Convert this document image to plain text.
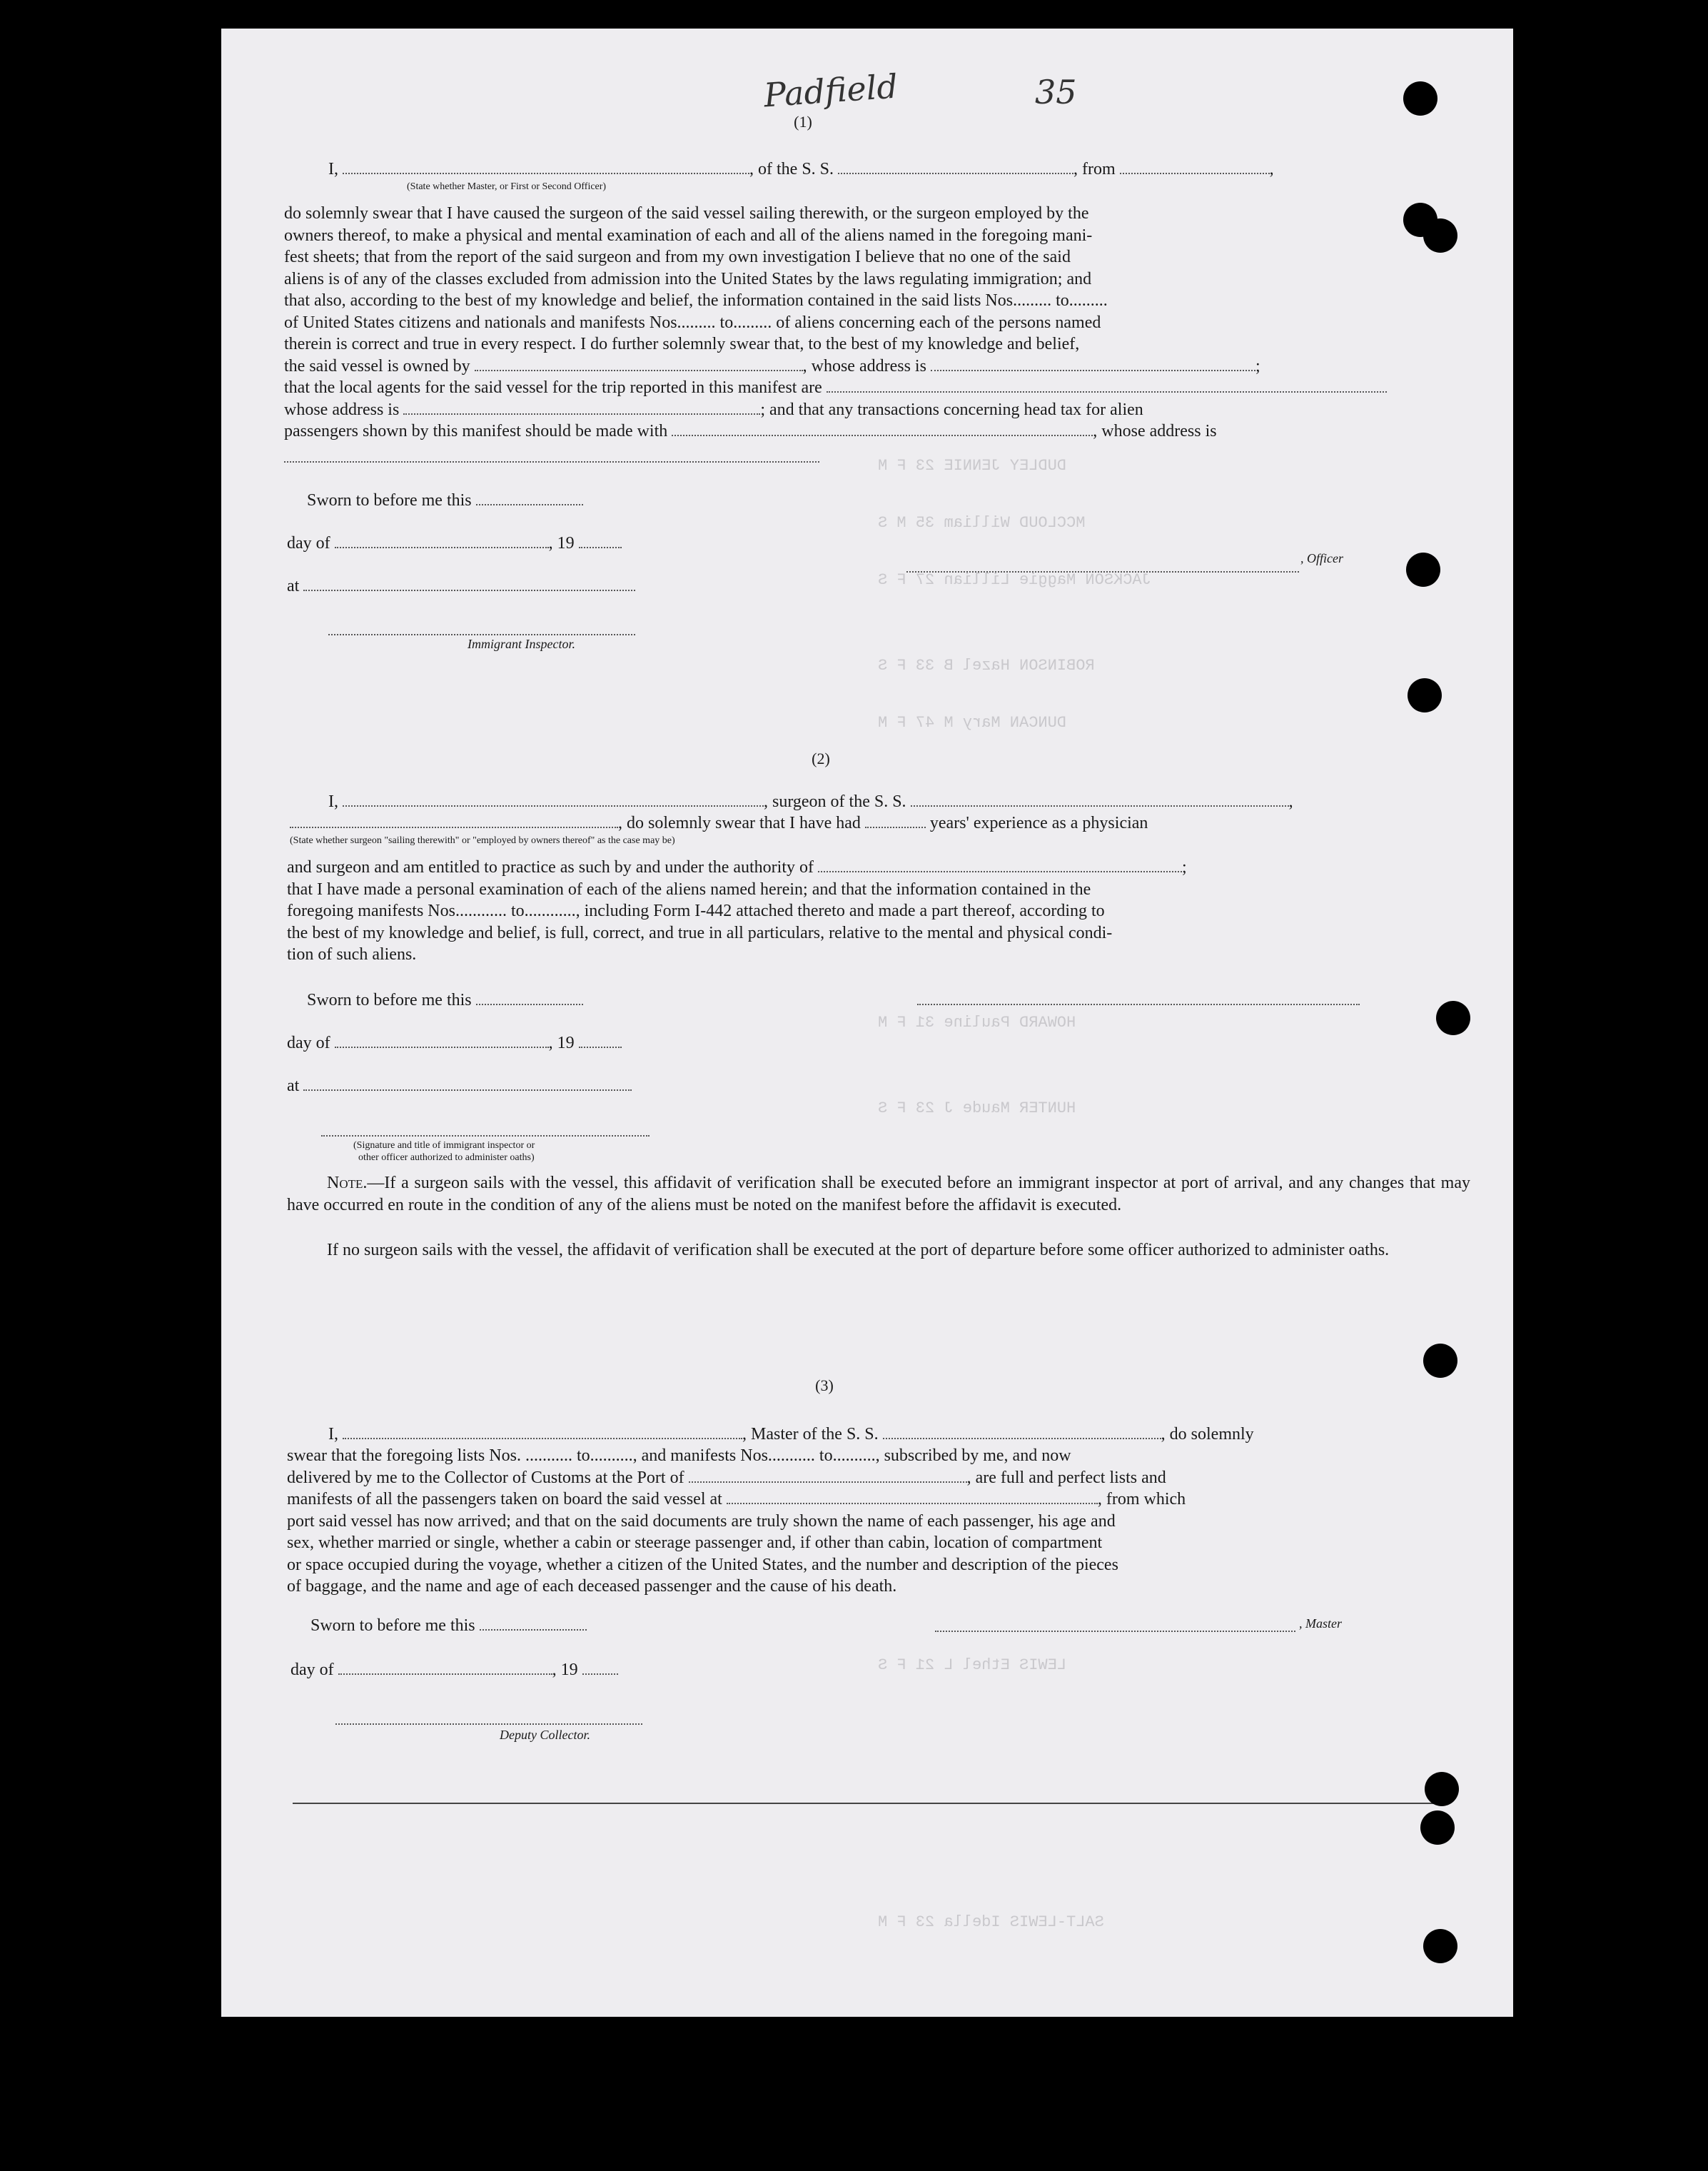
DUDLEY JENNIE 23 F M
MCCLOUD William 35 M S
JACKSON Maggie Lillian 27 F S
ROBINSON Hazel B 33 F S
DUNCAN Mary M 47 F M
HOWARD Pauline 31 F M
HUNTER Maude J 23 F S
LEWIS Ethel L 21 F S
SALT-LEWIS Idella 23 F M
Padfield	35
(1)
I,	, of the S. S.	, from	,
(State whether Master, or First or Second Officer)
do solemnly swear that I have caused the surgeon of the said vessel sailing therewith, or the surgeon employed by the
owners thereof, to make a physical and mental examination of each and all of the aliens named in the foregoing mani-
fest sheets; that from the report of the said surgeon and from my own investigation I believe that no one of the said
aliens is of any of the classes excluded from admission into the United States by the laws regulating immigration; and
that also, according to the best of my knowledge and belief, the information contained in the said lists Nos......... to.........
of United States citizens and nationals and manifests Nos......... to......... of aliens concerning each of the persons named
therein is correct and true in every respect. I do further solemnly swear that, to the best of my knowledge and belief,
the said vessel is owned by	, whose address is	;
that the local agents for the said vessel for the trip reported in this manifest are
whose address is	; and that any transactions concerning head tax for alien
passengers shown by this manifest should be made with	, whose address is
Sworn to before me this
day of	, 19
at
, Officer
Immigrant Inspector.
(2)
I,	, surgeon of the S. S.	,
, do solemnly swear that I have had	years' experience as a physician
(State whether surgeon "sailing therewith" or "employed by owners thereof" as the case may be)
and surgeon and am entitled to practice as such by and under the authority of	;
that I have made a personal examination of each of the aliens named herein; and that the information contained in the
foregoing manifests Nos............ to............, including Form I-442 attached thereto and made a part thereof, according to
the best of my knowledge and belief, is full, correct, and true in all particulars, relative to the mental and physical condi-
tion of such aliens.
Sworn to before me this
day of	, 19
at
(Signature and title of immigrant inspector or
other officer authorized to administer oaths)
Note.—If a surgeon sails with the vessel, this affidavit of verification shall be executed before an immigrant inspector at port of arrival, and any changes that may have occurred en route in the condition of any of the aliens must be noted on the manifest before the affidavit is executed.
If no surgeon sails with the vessel, the affidavit of verification shall be executed at the port of departure before some officer authorized to administer oaths.
(3)
I,	, Master of the S. S.	, do solemnly
swear that the foregoing lists Nos. ........... to.........., and manifests Nos........... to.........., subscribed by me, and now
delivered by me to the Collector of Customs at the Port of	, are full and perfect lists and
manifests of all the passengers taken on board the said vessel at	, from which
port said vessel has now arrived; and that on the said documents are truly shown the name of each passenger, his age and
sex, whether married or single, whether a cabin or steerage passenger and, if other than cabin, location of compartment
or space occupied during the voyage, whether a citizen of the United States, and the number and description of the pieces
of baggage, and the name and age of each deceased passenger and the cause of his death.
Sworn to before me this	, Master
day of	, 19
Deputy Collector.
